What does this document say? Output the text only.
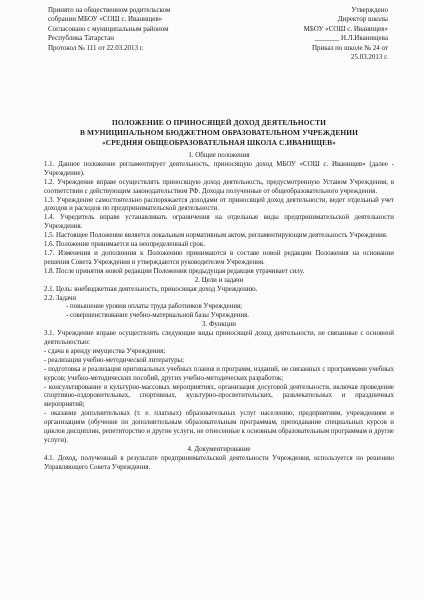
Принято на общественном родительском
собрании МБОУ «СОШ с. Иванищев»
Согласовано с муниципальным районом
Республика Татарстан
Протокол № 111 от 22.03.2013 г.
Утверждено
Директор школы
МБОУ «СОШ с. Иванищев»
_______ Н.Л.Иванищева
Приказ по школе № 24 от
25.03.2013 г.
ПОЛОЖЕНИЕ О ПРИНОСЯЩЕЙ ДОХОД ДЕЯТЕЛЬНОСТИ
В МУНИЦИПАЛЬНОМ БЮДЖЕТНОМ ОБРАЗОВАТЕЛЬНОМ УЧРЕЖДЕНИИ
«СРЕДНЯЯ ОБЩЕОБРАЗОВАТЕЛЬНАЯ ШКОЛА С.ИВАНИЩЕВ»
1. Общие положения
1.1. Данное положение регламентирует деятельность, приносящую доход МБОУ «СОШ с. Иванищев» (далее - Учреждение).
1.2. Учреждение вправе осуществлять приносящую доход деятельность, предусмотренную Уставом Учреждения, в соответствии с действующим законодательством РФ. Доходы полученные от общеобразовательного учреждения.
1.3. Учреждение самостоятельно распоряжается доходами от приносящей доход деятельности, ведет отдельный учет доходов и расходов по предпринимательской деятельности.
1.4. Учредитель вправе устанавливать ограничения на отдельные виды предпринимательской деятельности Учреждения.
1.5. Настоящее Положение является локальным нормативным актом, регламентирующим деятельность Учреждения.
1.6. Положение принимается на неопределенный срок.
1.7. Изменения и дополнения к Положению принимаются в составе новой редакции Положения на основании решения Совета Учреждения и утверждаются руководителем Учреждения.
1.8. После принятия новой редакции Положения предыдущая редакция утрачивает силу.
2. Цели и задачи
2.1. Цель: внебюджетная деятельность, приносящая доход Учреждению.
2.2. Задачи
- повышение уровня оплаты труда работников Учреждения;
- совершенствование учебно-материальной базы Учреждения.
3. Функции
3.1. Учреждение вправе осуществлять следующие виды приносящей доход деятельности, не связанные с основной деятельностью:
- сдача в аренду имущества Учреждения;
- реализация учебно-методической литературы;
- подготовка и реализация оригинальных учебных планов и программ, изданий, не связанных с программами учебных курсов; учебно-методических пособий, других учебно-методических разработок;
- консультирование в культурно-массовых мероприятиях, организация досуговой деятельности, включая проведение спортивно-оздоровительных, спортивных, культурно-просветительских, развлекательных и праздничных мероприятий;
- оказание дополнительных (т. е. платных) образовательных услуг населению, предприятиям, учреждениям и организациям (обучение по дополнительным образовательным программам, преподавание специальных курсов и циклов дисциплин, репетиторство и другие услуги, не отнесенные к основным образовательным программам и другие услуги).
4. Документирование
4.1. Доход, полученный в результате предпринимательской деятельности Учреждения, используется по решению Управляющего Совета Учреждения.
